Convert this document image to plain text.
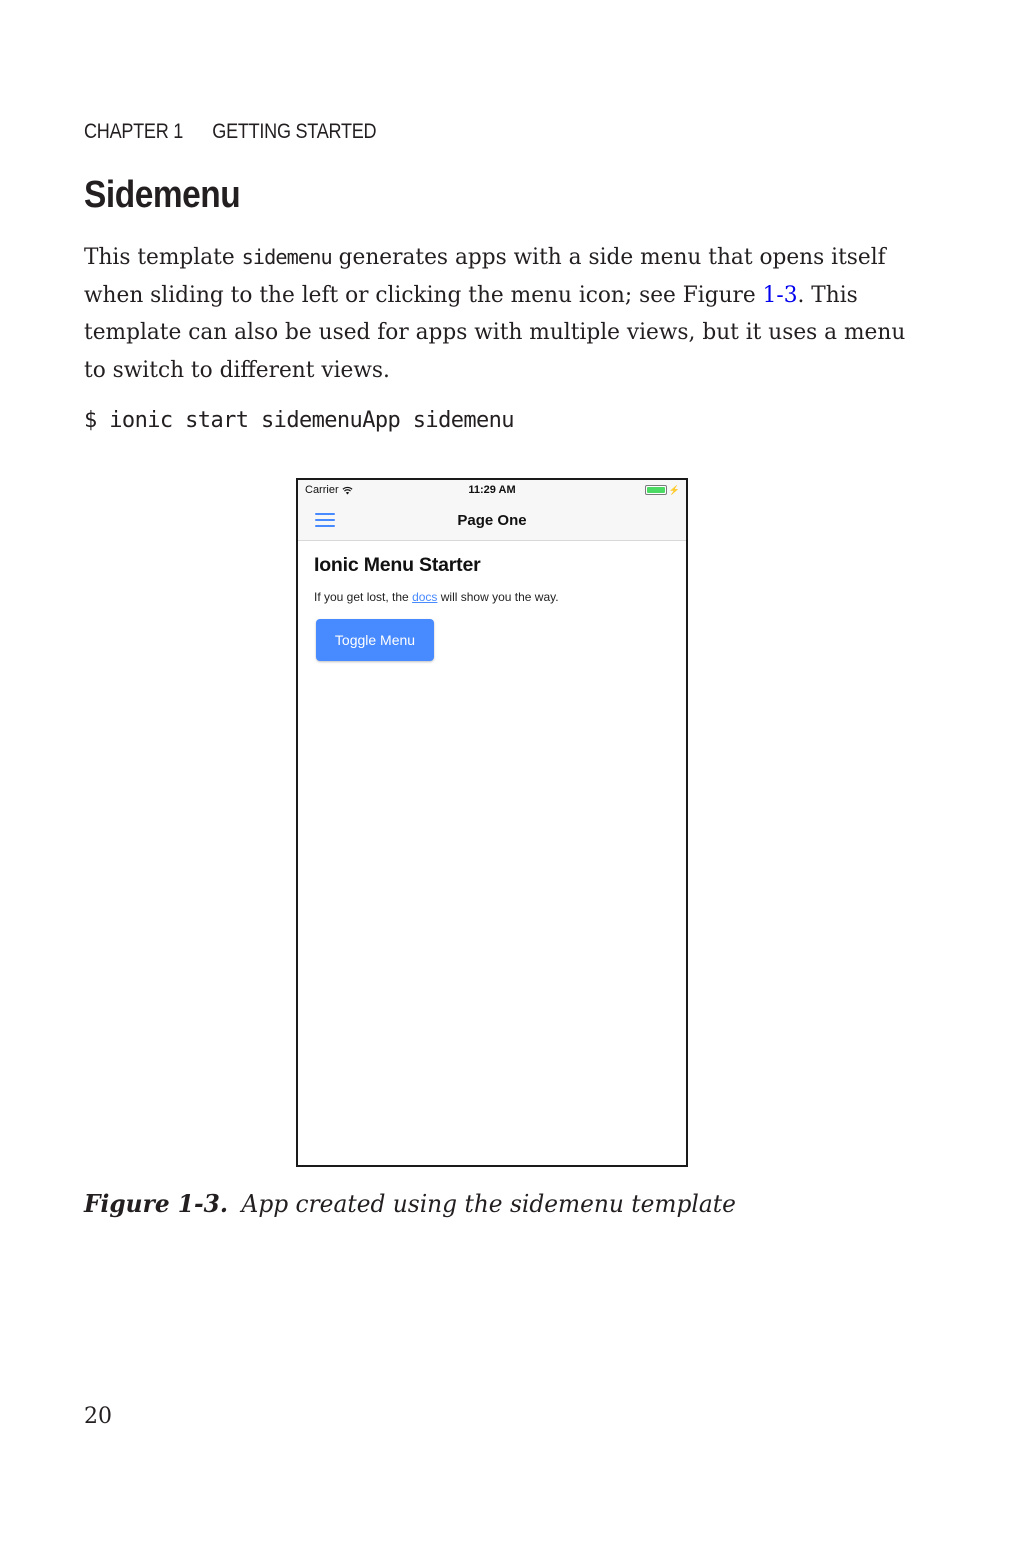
CHAPTER 1 GETTING STARTED
Sidemenu

This template sidemenu generates apps with a side menu that opens itself
when sliding to the left or clicking the menu icon; see Figure 1-3. This
template can also be used for apps with multiple views, but it uses a menu
to switch to different views.

$ ionic start sidemenuApp sidemenu
Carrier	11:29 AM	⚡
Page One
Ionic Menu Starter

If you get lost, the docs will show you the way.

Toggle Menu
Figure 1-3. App created using the sidemenu template
20
